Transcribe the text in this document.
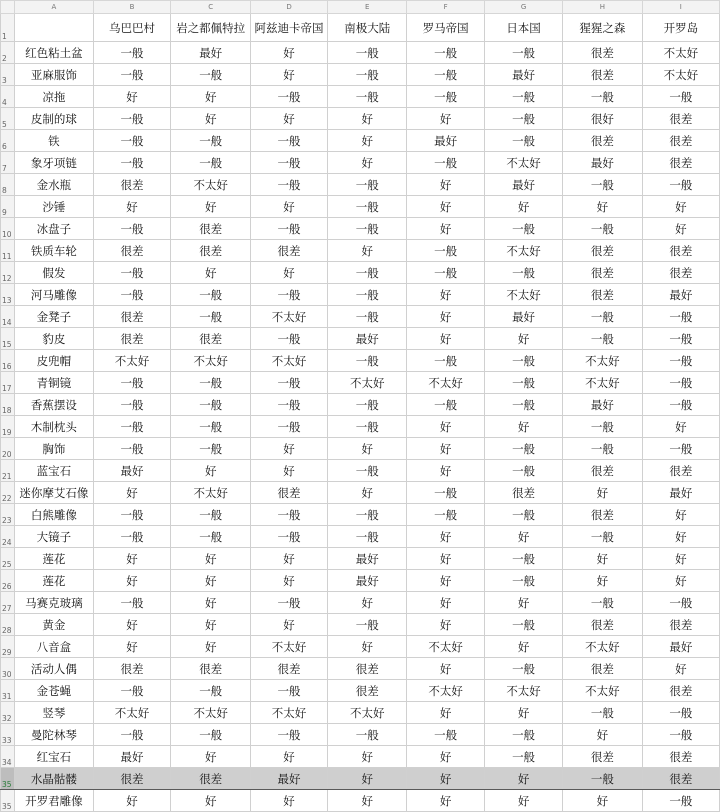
	A	B	C	D	E	F	G	H	I
1		乌巴巴村	岩之都佩特拉	阿兹迪卡帝国	南极大陆	罗马帝国	日本国	猩猩之森	开罗岛
2	红色粘土盆	一般	最好	好	一般	一般	一般	很差	不太好
3	亚麻服饰	一般	一般	好	一般	一般	最好	很差	不太好
4	凉拖	好	好	一般	一般	一般	一般	一般	一般
5	皮制的球	一般	好	好	好	好	一般	很好	很差
6	铁	一般	一般	一般	好	最好	一般	很差	很差
7	象牙项链	一般	一般	一般	好	一般	不太好	最好	很差
8	金水瓶	很差	不太好	一般	一般	好	最好	一般	一般
9	沙锤	好	好	好	一般	好	好	好	好
10	冰盘子	一般	很差	一般	一般	好	一般	一般	好
11	铁质车轮	很差	很差	很差	好	一般	不太好	很差	很差
12	假发	一般	好	好	一般	一般	一般	很差	很差
13	河马雕像	一般	一般	一般	一般	好	不太好	很差	最好
14	金凳子	很差	一般	不太好	一般	好	最好	一般	一般
15	豹皮	很差	很差	一般	最好	好	好	一般	一般
16	皮兜帽	不太好	不太好	不太好	一般	一般	一般	不太好	一般
17	青铜镜	一般	一般	一般	不太好	不太好	一般	不太好	一般
18	香蕉摆设	一般	一般	一般	一般	一般	一般	最好	一般
19	木制枕头	一般	一般	一般	一般	好	好	一般	好
20	胸饰	一般	一般	好	好	好	一般	一般	一般
21	蓝宝石	最好	好	好	一般	好	一般	很差	很差
22	迷你摩艾石像	好	不太好	很差	好	一般	很差	好	最好
23	白熊雕像	一般	一般	一般	一般	一般	一般	很差	好
24	大镜子	一般	一般	一般	一般	好	好	一般	好
25	莲花	好	好	好	最好	好	一般	好	好
26	莲花	好	好	好	最好	好	一般	好	好
27	马赛克玻璃	一般	好	一般	好	好	好	一般	一般
28	黄金	好	好	好	一般	好	一般	很差	很差
29	八音盒	好	好	不太好	好	不太好	好	不太好	最好
30	活动人偶	很差	很差	很差	很差	好	一般	很差	好
31	金苍蝇	一般	一般	一般	很差	不太好	不太好	不太好	很差
32	竖琴	不太好	不太好	不太好	不太好	好	好	一般	一般
33	曼陀林琴	一般	一般	一般	一般	一般	一般	好	一般
34	红宝石	最好	好	好	好	好	一般	很差	很差
35	水晶骷髅	很差	很差	最好	好	好	好	一般	很差
35	开罗君雕像	好	好	好	好	好	好	好	一般
